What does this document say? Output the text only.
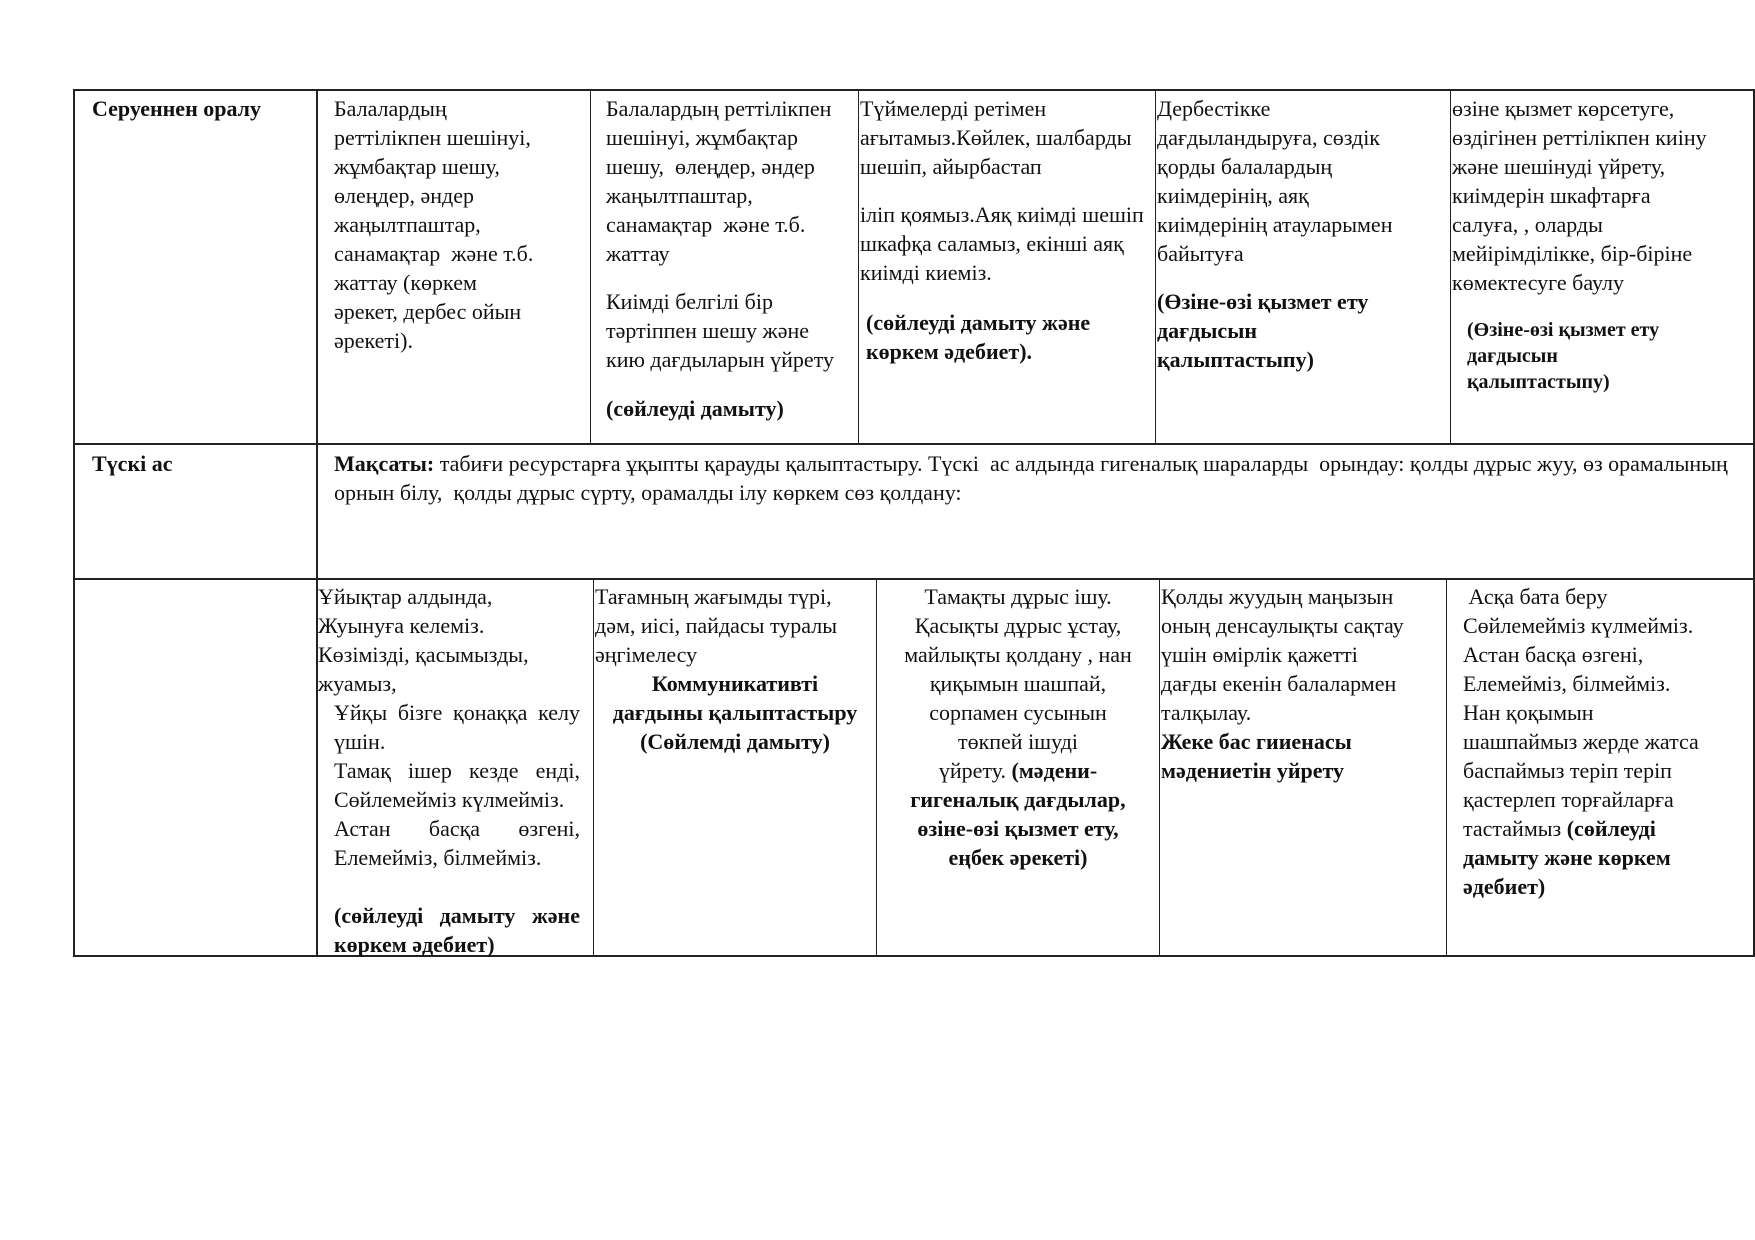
Серуеннен оралу	Балалардың
реттілікпен шешінуі,
жұмбақтар шешу,
өлеңдер, әндер
жаңылтпаштар,
санамақтар  және т.б.
жаттау (көркем
әрекет, дербес ойын
әрекеті).
Балалардың реттілікпен
шешінуі, жұмбақтар
шешу,  өлеңдер, әндер
жаңылтпаштар,
санамақтар  және т.б.
жаттау
Киімді белгілі бір
тәртіппен шешу және
кию дағдыларын үйрету
(сөйлеуді дамыту)
Түймелерді ретімен
ағытамыз.Көйлек, шалбарды
шешіп, айырбастап
іліп қоямыз.Аяқ киімді шешіп
шкафқа саламыз, екінші аяқ
киімді киеміз.
(сөйлеуді дамыту және
көркем әдебиет).
Дербестікке
дағдыландыруға, сөздік
қорды балалардың
киімдерінің, аяқ
киімдерінің атауларымен
байытуға
(Өзіне-өзі қызмет ету
дағдысын
қалыптастыпу)
өзіне қызмет көрсетуге,
өздігінен реттілікпен киіну
және шешінуді үйрету,
киімдерін шкафтарға
салуға, , оларды
мейірімділікке, бір-біріне
көмектесуге баулу
(Өзіне-өзі қызмет ету
дағдысын
қалыптастыпу)
Түскі ас	Мақсаты: табиғи ресурстарға ұқыпты қарауды қалыптастыру. Түскі  ас алдында гигеналық шараларды  орындау: қолды дұрыс жуу, өз орамалының орнын білу,  қолды дұрыс сүрту, орамалды ілу көркем сөз қолдану:
Ұйықтар алдында,
Жуынуға келеміз.
Көзімізді, қасымызды,
жуамыз,
Ұйқы бізге қонаққа келу үшін.
Тамақ ішер кезде енді, Сөйлемейміз күлмейміз.
Астан басқа өзгені, Елемейміз, білмейміз.
(сөйлеуді дамыту және көркем әдебиет)
Тағамның жағымды түрі,
дәм, иісі, пайдасы туралы
әңгімелесу
Коммуникативті
дағдыны қалыптастыру
(Сөйлемді дамыту)
Тамақты дұрыс ішу.
Қасықты дұрыс ұстау,
майлықты қолдану , нан
қиқымын шашпай,
сорпамен сусынын
төкпей ішуді
үйрету. (мәдени-
гигеналық дағдылар,
өзіне-өзі қызмет ету,
еңбек әрекеті)
Қолды жуудың маңызын
оның денсаулықты сақтау
үшін өмірлік қажетті
дағды екенін балалармен
талқылау.
Жеке бас гииенасы
мәдениетін уйрету
Асқа бата беру
Сөйлемейміз күлмейміз.
Астан басқа өзгені,
Елемейміз, білмейміз.
Нан қоқымын
шашпаймыз жерде жатса
баспаймыз теріп теріп
қастерлеп торғайларға
тастаймыз (сөйлеуді
дамыту және көркем
әдебиет)
